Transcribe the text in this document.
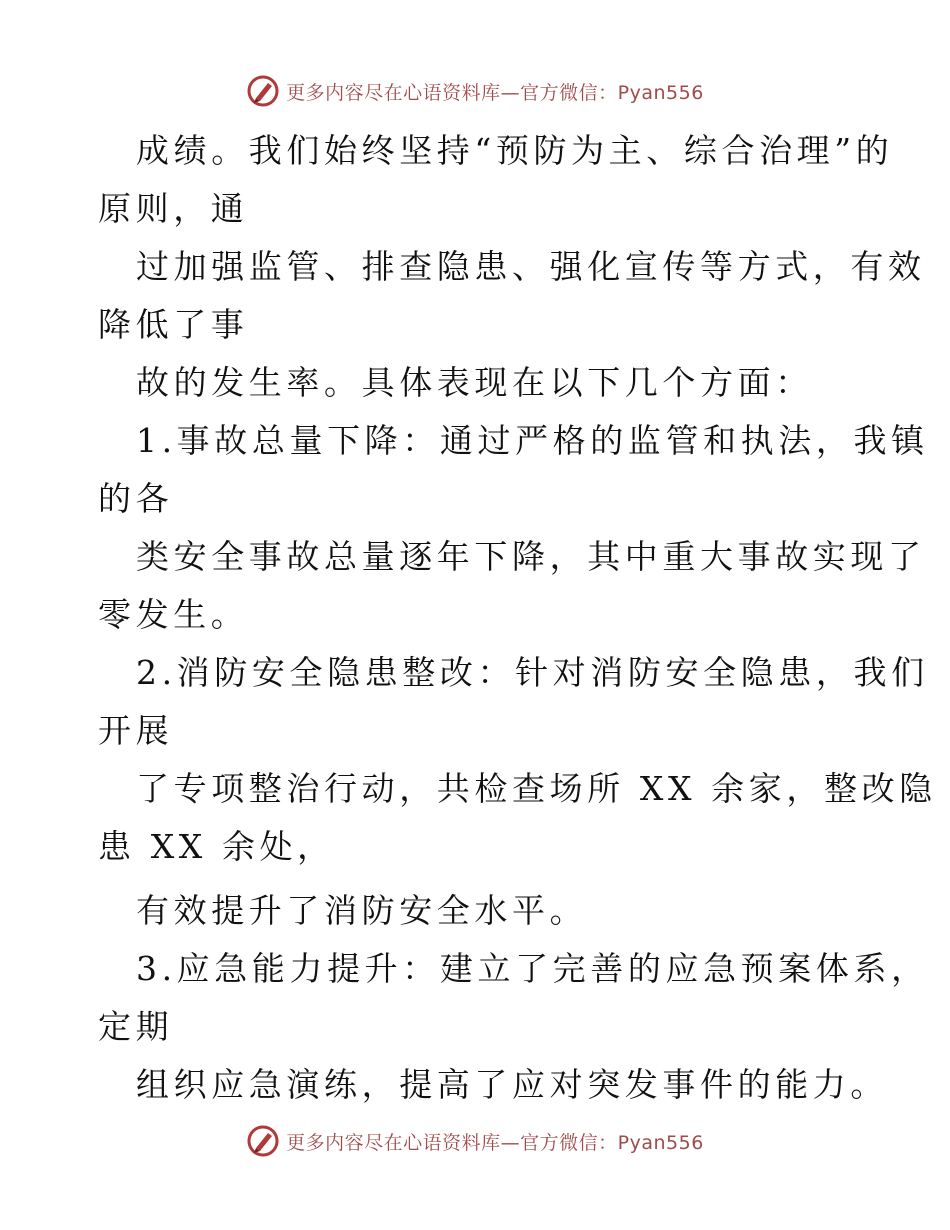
更多内容尽在心语资料库—官方微信：Pyan556
成绩。我们始终坚持“预防为主、综合治理”的
原则，通
过加强监管、排查隐患、强化宣传等方式，有效
降低了事
故的发生率。具体表现在以下几个方面：
1.事故总量下降：通过严格的监管和执法，我镇
的各
类安全事故总量逐年下降，其中重大事故实现了
零发生。
2.消防安全隐患整改：针对消防安全隐患，我们
开展
了专项整治行动，共检查场所 XX 余家，整改隐
患 XX 余处，
有效提升了消防安全水平。
3.应急能力提升：建立了完善的应急预案体系，
定期
组织应急演练，提高了应对突发事件的能力。
更多内容尽在心语资料库—官方微信：Pyan556
